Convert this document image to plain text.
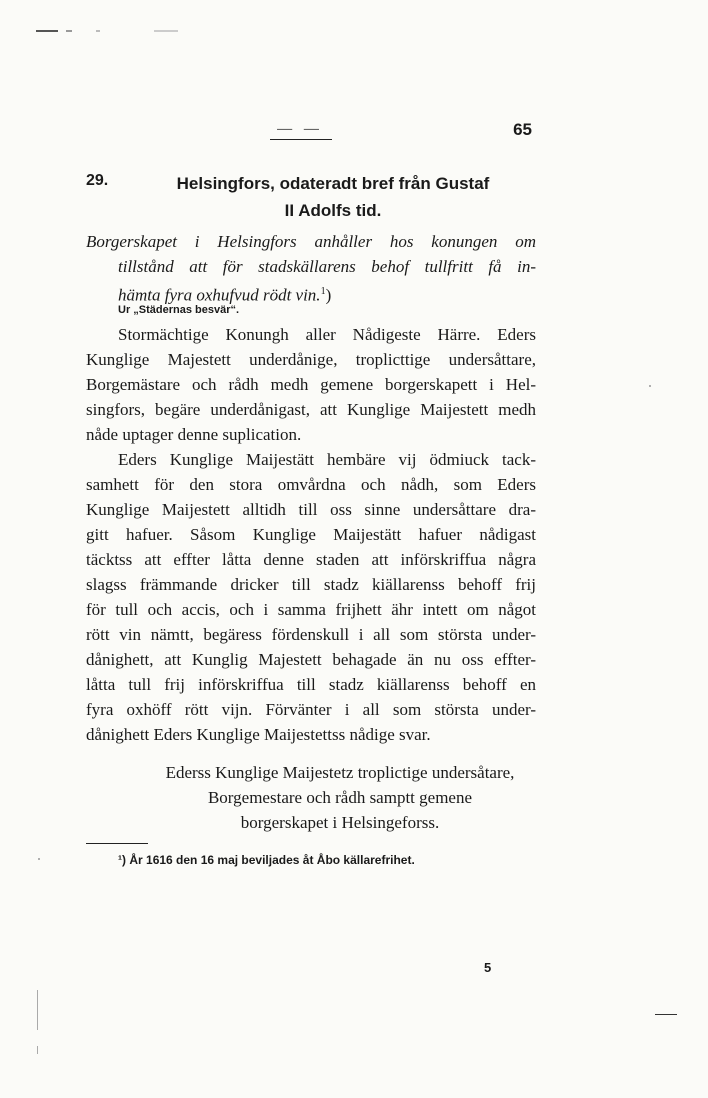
— —	65
29.	Helsingfors, odateradt bref från Gustaf
II Adolfs tid.
Borgerskapet i Helsingfors anhåller hos konungen om
tillstånd att för stadskällarens behof tullfritt få in-
hämta fyra oxhufvud rödt vin.$^1$)
Ur „Städernas besvär“.
Stormächtige Konungh aller Nådigeste Härre. Eders
Kunglige Majestett underdånige, troplicttige undersåttare,
Borgemästare och rådh medh gemene borgerskapett i Hel-
singfors, begäre underdånigast, att Kunglige Maijestett medh
nåde uptager denne suplication.
Eders Kunglige Maijestätt hembäre vij ödmiuck tack-
samhett för den stora omvårdna och nådh, som Eders
Kunglige Maijestett alltidh till oss sinne undersåttare dra-
gitt hafuer. Såsom Kunglige Maijestätt hafuer nådigast
täcktss att effter låtta denne staden att införskriffua några
slagss främmande dricker till stadz kiällarenss behoff frij
för tull och accis, och i samma frijhett ähr intett om något
rött vin nämtt, begäress fördenskull i all som största under-
dånighett, att Kunglig Majestett behagade än nu oss effter-
låtta tull frij införskriffua till stadz kiällarenss behoff en
fyra oxhöff rött vijn. Förvänter i all som största under-
dånighett Eders Kunglige Maijestettss nådige svar.
Ederss Kunglige Maijestetz troplictige undersåtare,
Borgemestare och rådh samptt gemene
borgerskapet i Helsingeforss.
¹) År 1616 den 16 maj beviljades åt Åbo källarefrihet.
5
